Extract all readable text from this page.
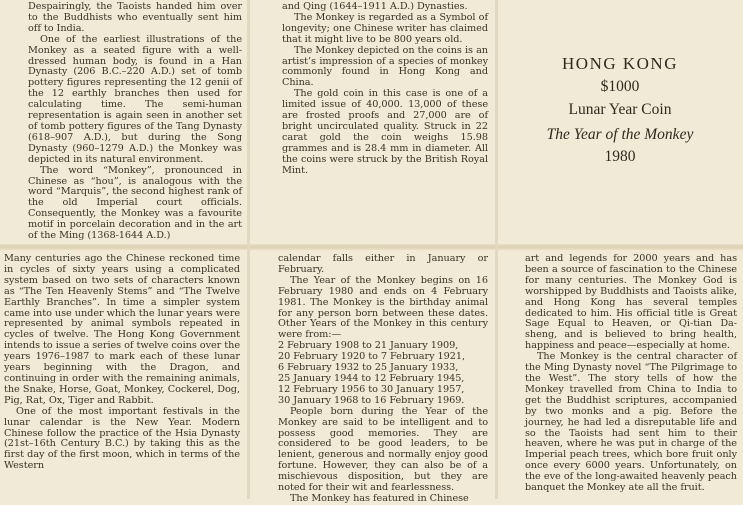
Despairingly, the Taoists handed him over to the Buddhists who eventually sent him off to India.

One of the earliest illustrations of the Monkey as a seated figure with a well-dressed human body, is found in a Han Dynasty (206 B.C.–220 A.D.) set of tomb pottery figures representing the 12 genii of the 12 earthly branches then used for calculating time. The semi-human representation is again seen in another set of tomb pottery figures of the Tang Dynasty (618–907 A.D.), but during the Song Dynasty (960–1279 A.D.) the Monkey was depicted in its natural environment.

The word “Monkey”, pronounced in Chinese as “hou”, is analogous with the word “Marquis”, the second highest rank of the old Imperial court officials. Consequently, the Monkey was a favourite motif in porcelain decoration and in the art of the Ming (1368-1644 A.D.)

and Qing (1644–1911 A.D.) Dynasties.

The Monkey is regarded as a Symbol of longevity; one Chinese writer has claimed that it might live to be 800 years old.

The Monkey depicted on the coins is an artist’s impression of a species of monkey commonly found in Hong Kong and China.

The gold coin in this case is one of a limited issue of 40,000. 13,000 of these are frosted proofs and 27,000 are of bright uncirculated quality. Struck in 22 carat gold the coin weighs 15.98 grammes and is 28.4 mm in diameter. All the coins were struck by the British Royal Mint.

HONG KONG
$1000
Lunar Year Coin
The Year of the Monkey
1980

Many centuries ago the Chinese reckoned time in cycles of sixty years using a complicated system based on two sets of characters known as “The Ten Heavenly Stems” and “The Twelve Earthly Branches”. In time a simpler system came into use under which the lunar years were represented by animal symbols repeated in cycles of twelve. The Hong Kong Government intends to issue a series of twelve coins over the years 1976–1987 to mark each of these lunar years beginning with the Dragon, and continuing in order with the remaining animals, the Snake, Horse, Goat, Monkey, Cockerel, Dog, Pig, Rat, Ox, Tiger and Rabbit.

One of the most important festivals in the lunar calendar is the New Year. Modern Chinese follow the practice of the Hsia Dynasty (21st–16th Century B.C.) by taking this as the first day of the first moon, which in terms of the Western

calendar falls either in January or February.

The Year of the Monkey begins on 16 February 1980 and ends on 4 February 1981. The Monkey is the birthday animal for any person born between these dates. Other Years of the Monkey in this century were from:—

2 February 1908 to 21 January 1909,
20 February 1920 to 7 February 1921,
6 February 1932 to 25 January 1933,
25 January 1944 to 12 February 1945,
12 February 1956 to 30 January 1957,
30 January 1968 to 16 February 1969.

People born during the Year of the Monkey are said to be intelligent and to possess good memories. They are considered to be good leaders, to be lenient, generous and normally enjoy good fortune. However, they can also be of a mischievous disposition, but they are noted for their wit and fearlessness.

The Monkey has featured in Chinese

art and legends for 2000 years and has been a source of fascination to the Chinese for many centuries. The Monkey God is worshipped by Buddhists and Taoists alike, and Hong Kong has several temples dedicated to him. His official title is Great Sage Equal to Heaven, or Qi-tian Da-sheng, and is believed to bring health, happiness and peace—especially at home.

The Monkey is the central character of the Ming Dynasty novel “The Pilgrimage to the West”. The story tells of how the Monkey travelled from China to India to get the Buddhist scriptures, accompanied by two monks and a pig. Before the journey, he had led a disreputable life and so the Taoists had sent him to their heaven, where he was put in charge of the Imperial peach trees, which bore fruit only once every 6000 years. Unfortunately, on the eve of the long-awaited heavenly peach banquet the Monkey ate all the fruit.
